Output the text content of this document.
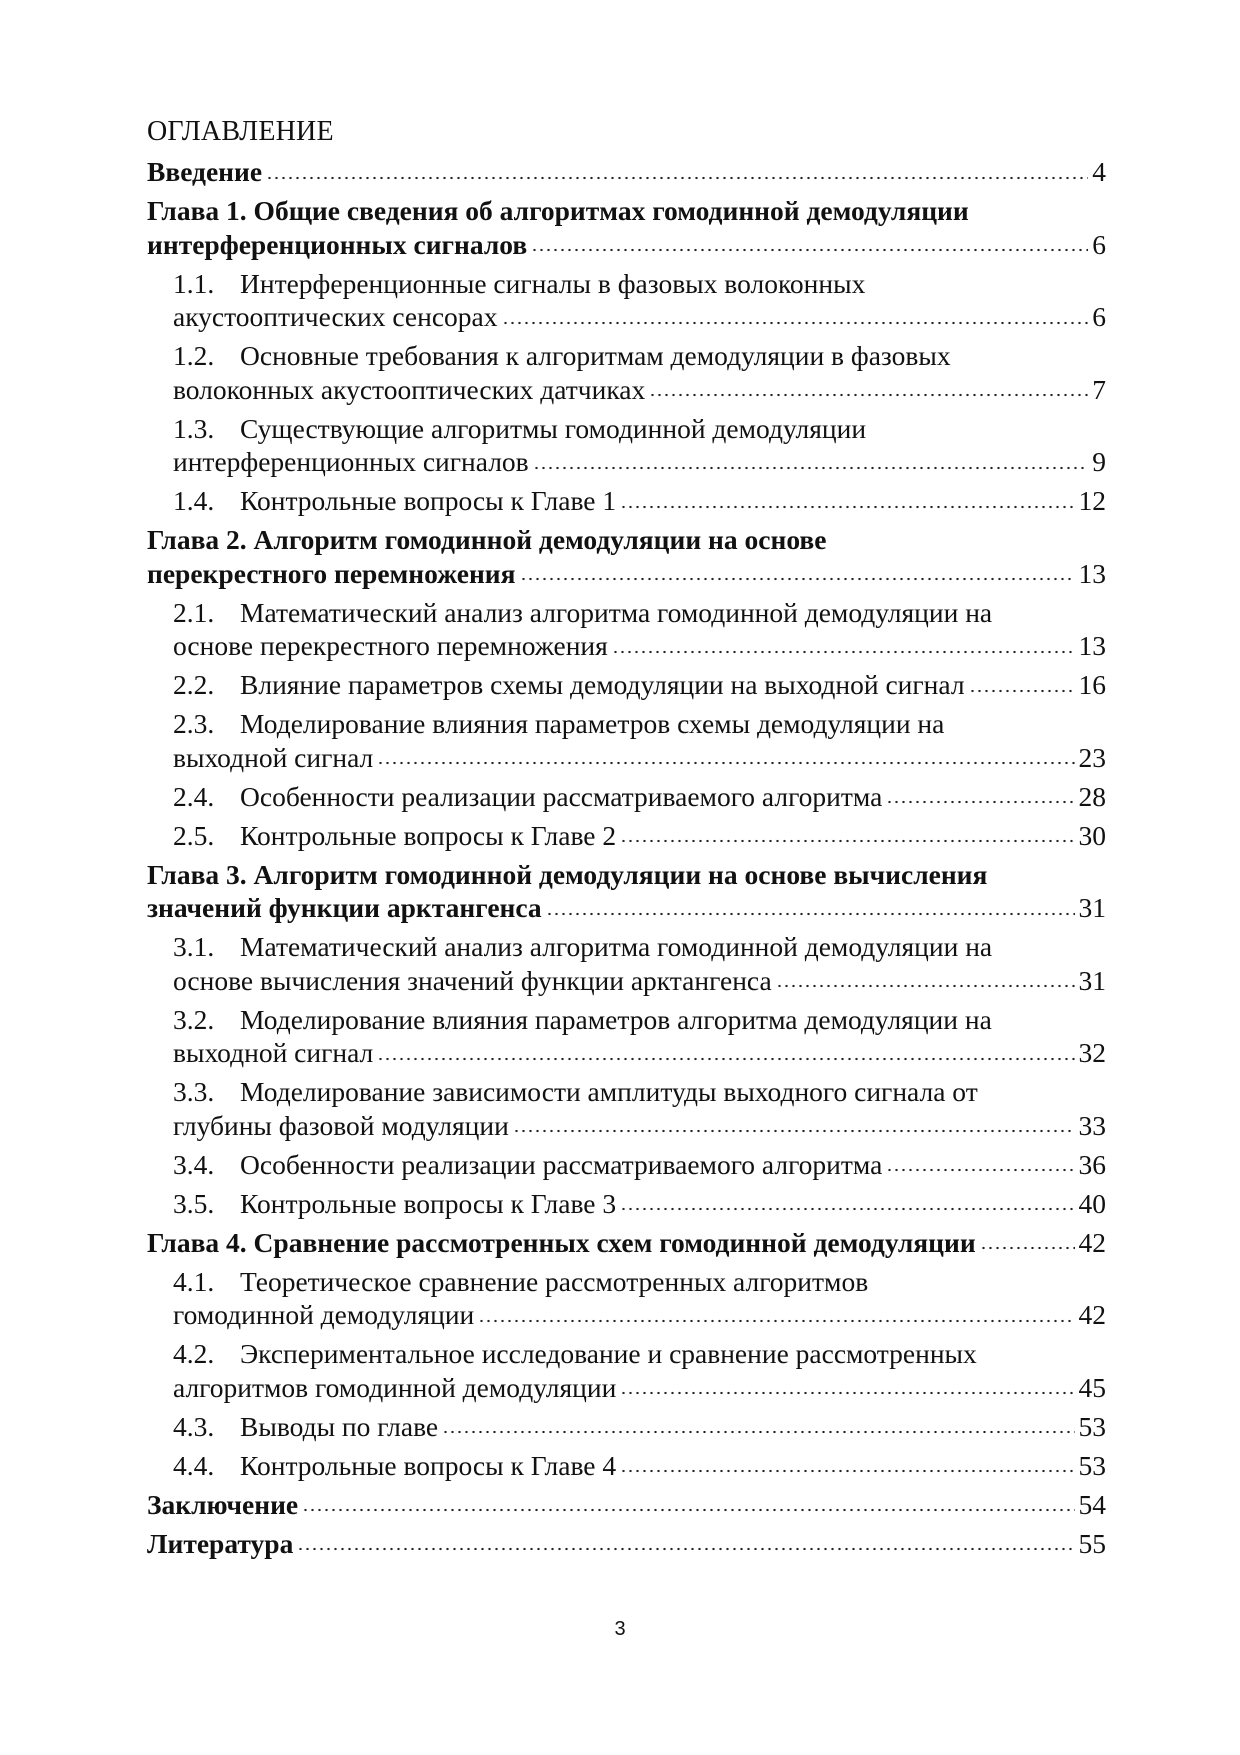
ОГЛАВЛЕНИЕ
Введение	4
Глава 1. Общие сведения об алгоритмах гомодинной демодуляции
интерференционных сигналов	6
1.1. Интерференционные сигналы в фазовых волоконных
акустооптических сенсорах	6
1.2. Основные требования к алгоритмам демодуляции в фазовых
волоконных акустооптических датчиках	7
1.3. Существующие алгоритмы гомодинной демодуляции
интерференционных сигналов	9
1.4. Контрольные вопросы к Главе 1	12
Глава 2. Алгоритм гомодинной демодуляции на основе
перекрестного перемножения	13
2.1. Математический анализ алгоритма гомодинной демодуляции на
основе перекрестного перемножения	13
2.2. Влияние параметров схемы демодуляции на выходной сигнал	16
2.3. Моделирование влияния параметров схемы демодуляции на
выходной сигнал	23
2.4. Особенности реализации рассматриваемого алгоритма	28
2.5. Контрольные вопросы к Главе 2	30
Глава 3. Алгоритм гомодинной демодуляции на основе вычисления
значений функции арктангенса	31
3.1. Математический анализ алгоритма гомодинной демодуляции на
основе вычисления значений функции арктангенса	31
3.2. Моделирование влияния параметров алгоритма демодуляции на
выходной сигнал	32
3.3. Моделирование зависимости амплитуды выходного сигнала от
глубины фазовой модуляции	33
3.4. Особенности реализации рассматриваемого алгоритма	36
3.5. Контрольные вопросы к Главе 3	40
Глава 4. Сравнение рассмотренных схем гомодинной демодуляции	42
4.1. Теоретическое сравнение рассмотренных алгоритмов
гомодинной демодуляции	42
4.2. Экспериментальное исследование и сравнение рассмотренных
алгоритмов гомодинной демодуляции	45
4.3. Выводы по главе	53
4.4. Контрольные вопросы к Главе 4	53
Заключение	54
Литература	55
3
